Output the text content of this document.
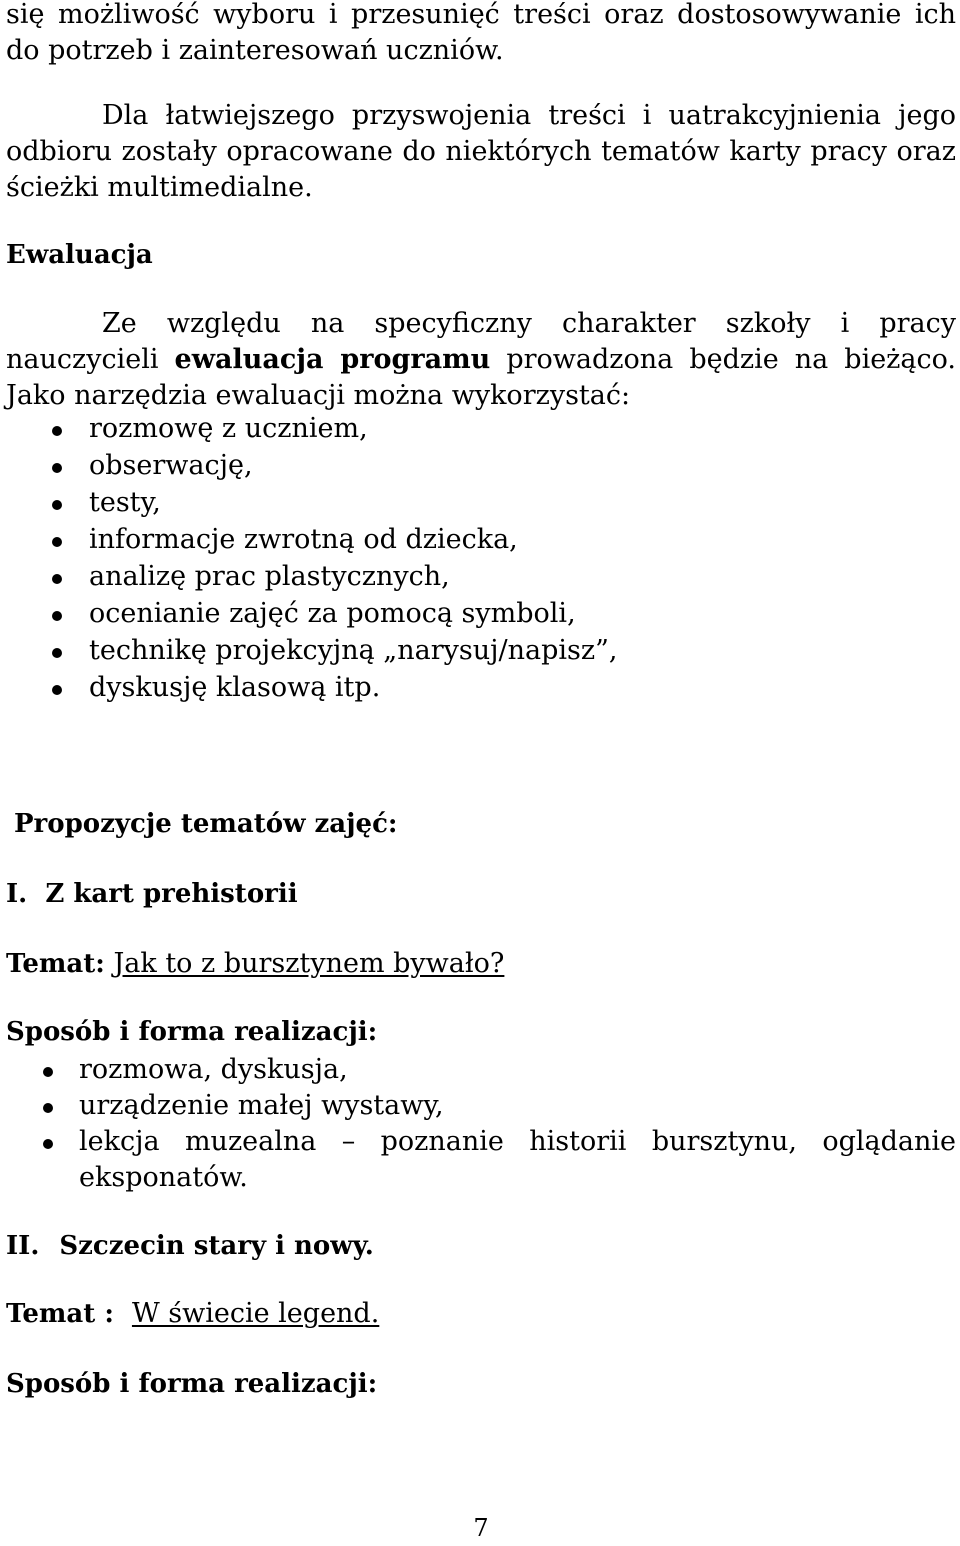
się możliwość wyboru i przesunięć treści oraz dostosowywanie ich do potrzeb i zainteresowań uczniów.

Dla łatwiejszego przyswojenia treści i uatrakcyjnienia jego odbioru zostały opracowane do niektórych tematów karty pracy oraz ścieżki multimedialne.

Ewaluacja

Ze względu na specyficzny charakter szkoły i pracy nauczycieli ewaluacja programu prowadzona będzie na bieżąco. Jako narzędzia ewaluacji można wykorzystać:

rozmowę z uczniem,
obserwację,
testy,
informacje zwrotną od dziecka,
analizę prac plastycznych,
ocenianie zajęć za pomocą symboli,
technikę projekcyjną „narysuj/napisz”,
dyskusję klasową itp.

Propozycje tematów zajęć:

I.  Z kart prehistorii

Temat: Jak to z bursztynem bywało?

Sposób i forma realizacji:

rozmowa, dyskusja,
urządzenie małej wystawy,
lekcja muzealna – poznanie historii bursztynu, oglądanie eksponatów.

II. Szczecin stary i nowy.

Temat : W świecie legend.

Sposób i forma realizacji:

7
